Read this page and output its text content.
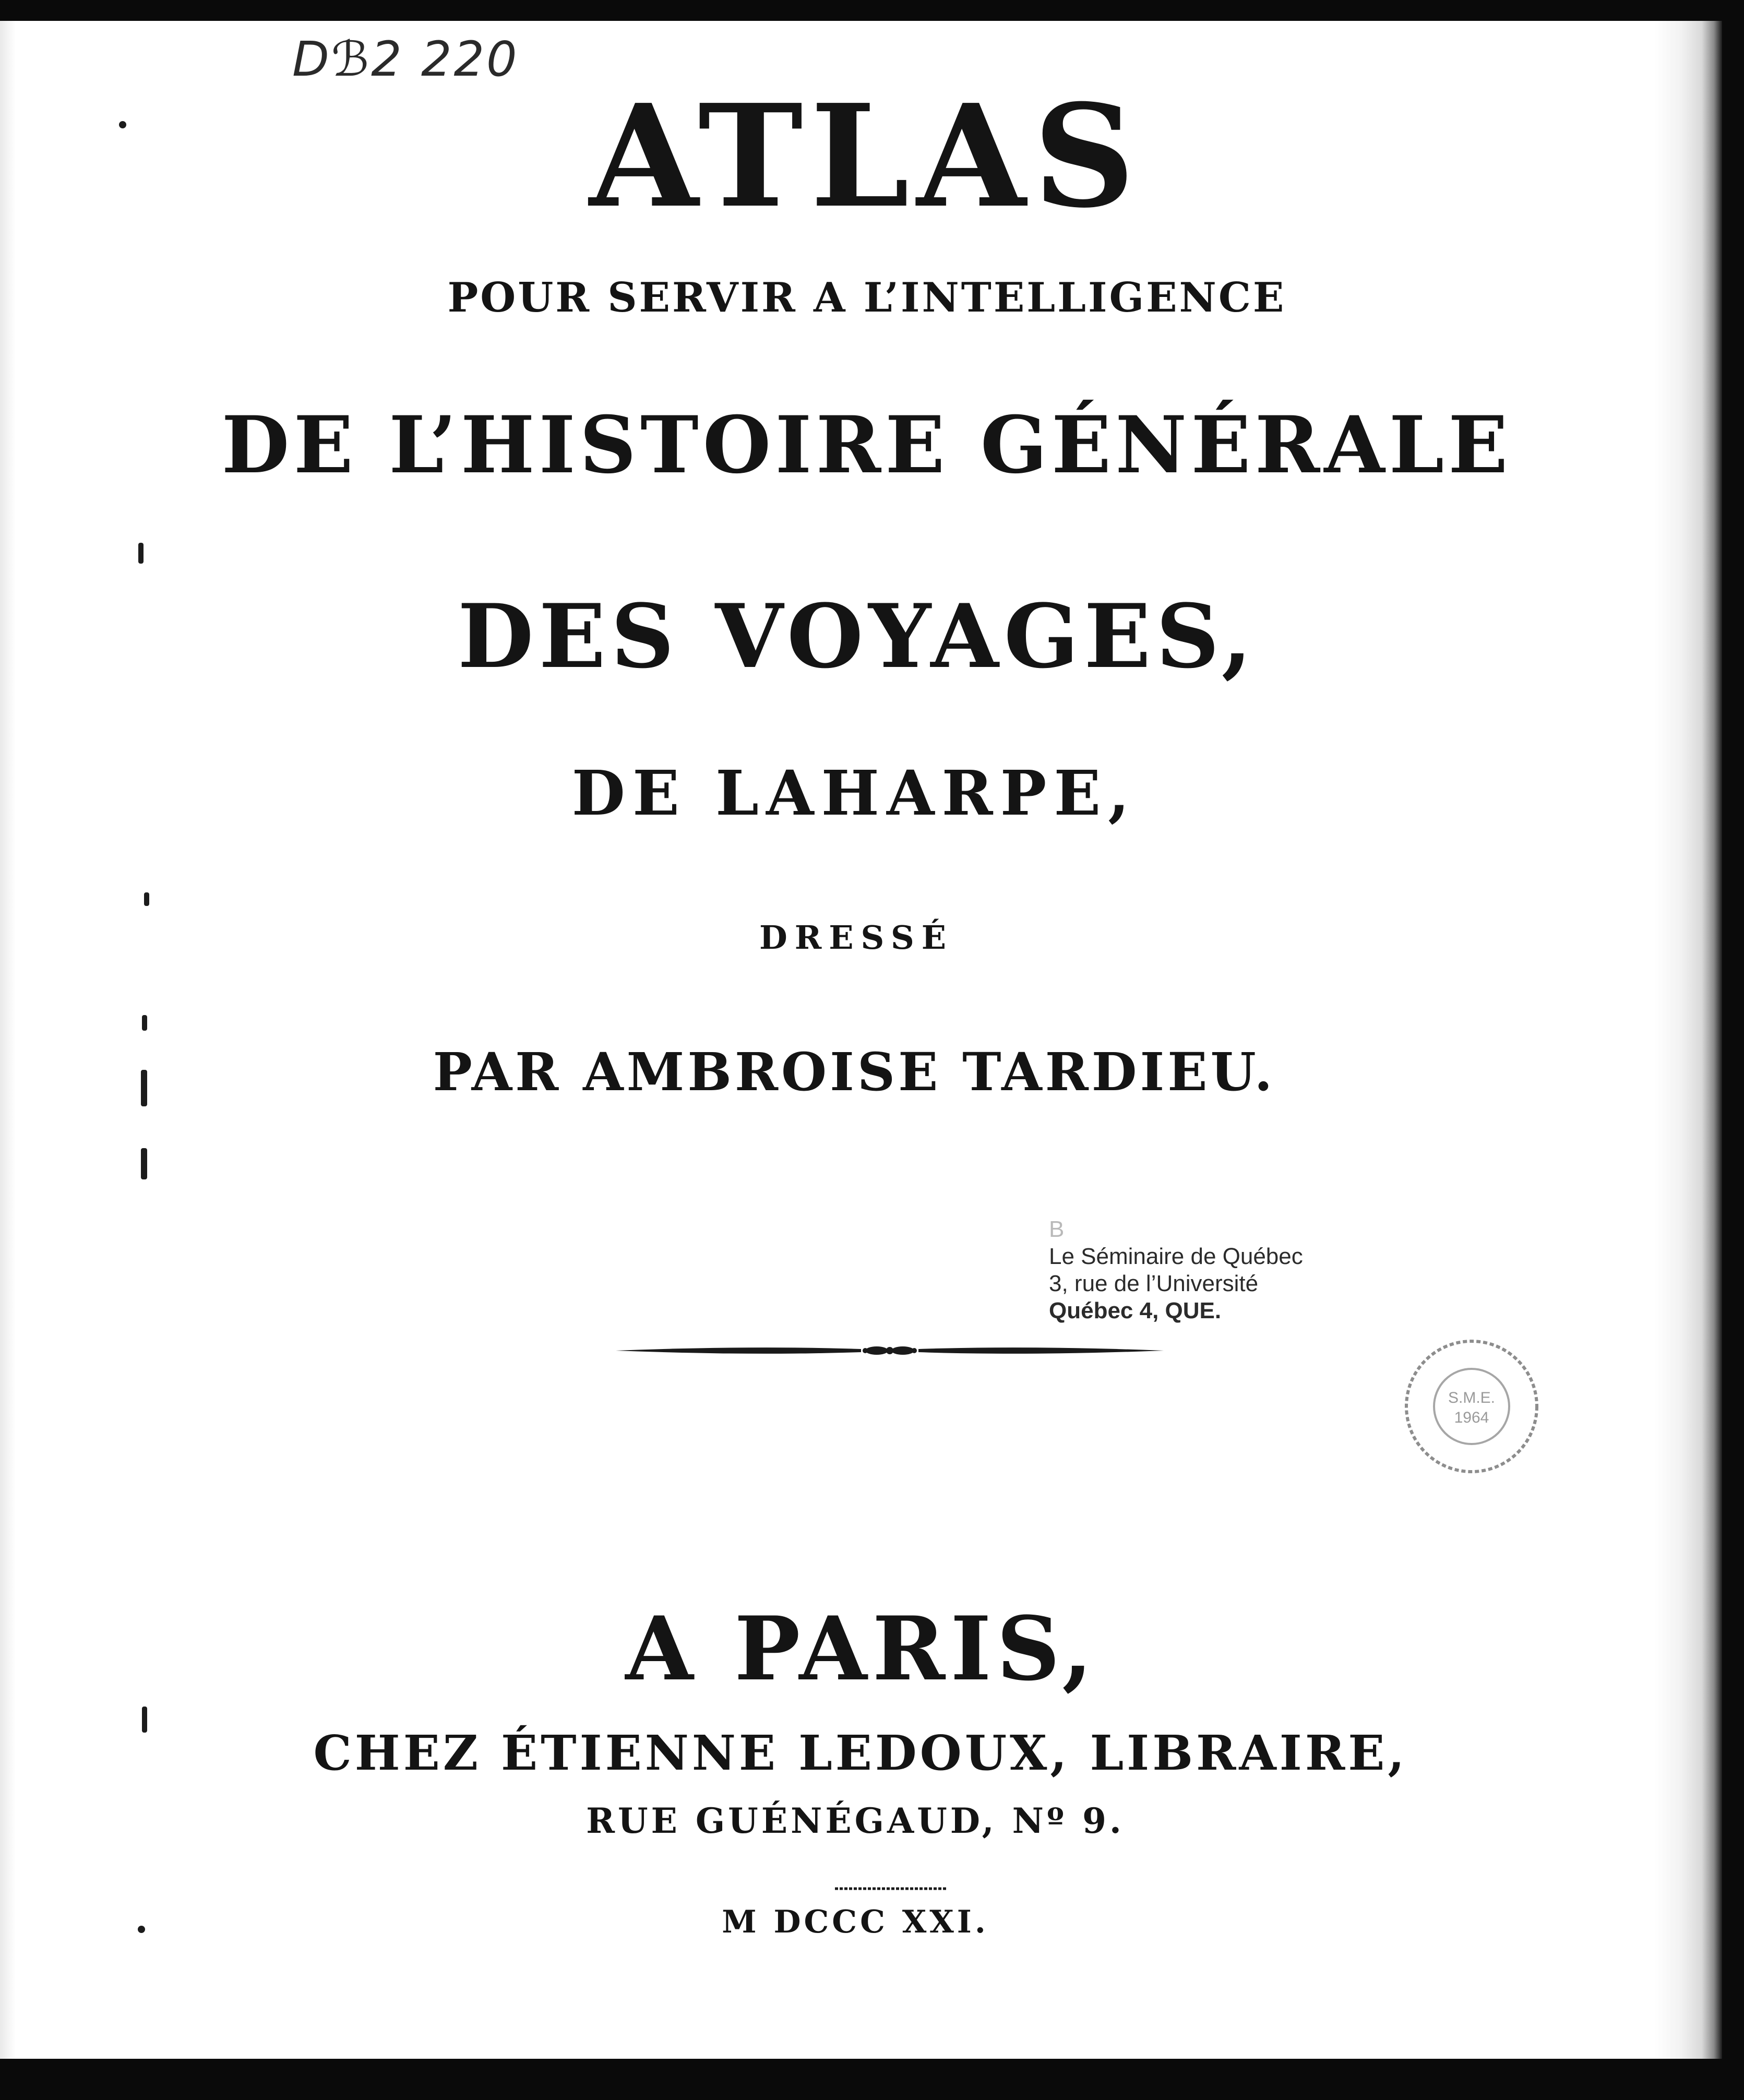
Dℬ2 220
ATLAS
POUR SERVIR A L’INTELLIGENCE
DE L’HISTOIRE GÉNÉRALE
DES VOYAGES,
DE LAHARPE,
DRESSÉ
PAR AMBROISE TARDIEU.
B
Le Séminaire de Québec
3, rue de l’Université
Québec 4, QUE.
S.M.E.
1964
A PARIS,
CHEZ ÉTIENNE LEDOUX, LIBRAIRE,
RUE GUÉNÉGAUD, Nº 9.
M DCCC XXI.
